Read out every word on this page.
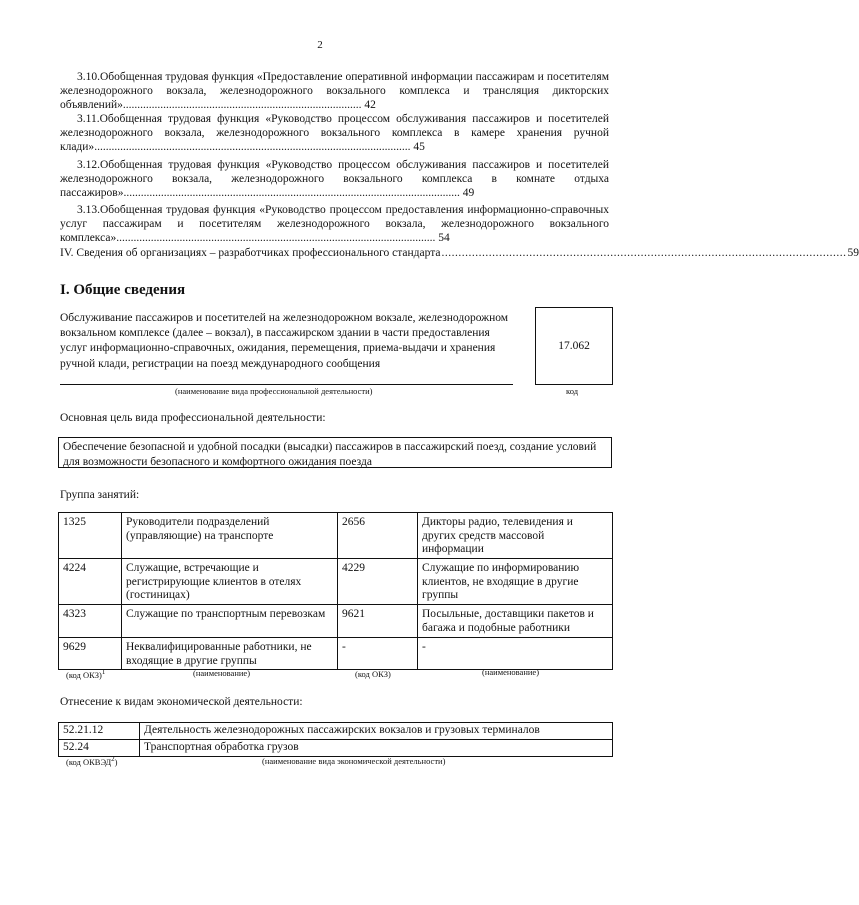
2
3.10.Обобщенная трудовая функция «Предоставление оперативной информации пассажирам и посетителям железнодорожного вокзала, железнодорожного вокзального комплекса и трансляция дикторских объявлений»................................................................................... 42
3.11.Обобщенная трудовая функция «Руководство процессом обслуживания пассажиров и посетителей железнодорожного вокзала, железнодорожного вокзального комплекса в камере хранения ручной клади».............................................................................................................. 45
3.12.Обобщенная трудовая функция «Руководство процессом обслуживания пассажиров и посетителей железнодорожного вокзала, железнодорожного вокзального комплекса в комнате отдыха пассажиров»..................................................................................................................... 49
3.13.Обобщенная трудовая функция «Руководство процессом предоставления информационно-справочных услуг пассажирам и посетителям железнодорожного вокзала, железнодорожного вокзального комплекса»............................................................................................................... 54
IV. Сведения об организациях – разработчиках профессионального стандарта ........................................................................................................................ 59
I. Общие сведения
Обслуживание пассажиров и посетителей на железнодорожном вокзале, железнодорожном вокзальном комплексе (далее – вокзал), в пассажирском здании в части предоставления услуг информационно-справочных, ожидания, перемещения, приема-выдачи и хранения ручной клади, регистрации на поезд международного сообщения
(наименование вида профессиональной деятельности)
17.062
код
Основная цель вида профессиональной деятельности:
Обеспечение безопасной и удобной посадки (высадки) пассажиров в пассажирский поезд, создание условий для возможности безопасного и комфортного ожидания поезда
Группа занятий:
1325	Руководители подразделений (управляющие) на транспорте	2656	Дикторы радио, телевидения и других средств массовой информации
4224	Служащие, встречающие и регистрирующие клиентов в отелях (гостиницах)	4229	Служащие по информированию клиентов, не входящие в другие группы
4323	Служащие по транспортным перевозкам	9621	Посыльные, доставщики пакетов и багажа и подобные работники
9629	Неквалифицированные работники, не входящие в другие группы	-	-
(код ОКЗ)$^1$	(наименование)	(код ОКЗ)	(наименование)
Отнесение к видам экономической деятельности:
52.21.12	Деятельность железнодорожных пассажирских вокзалов и грузовых терминалов
52.24	Транспортная обработка грузов
(код ОКВЭД$^2$)	(наименование вида экономической деятельности)
